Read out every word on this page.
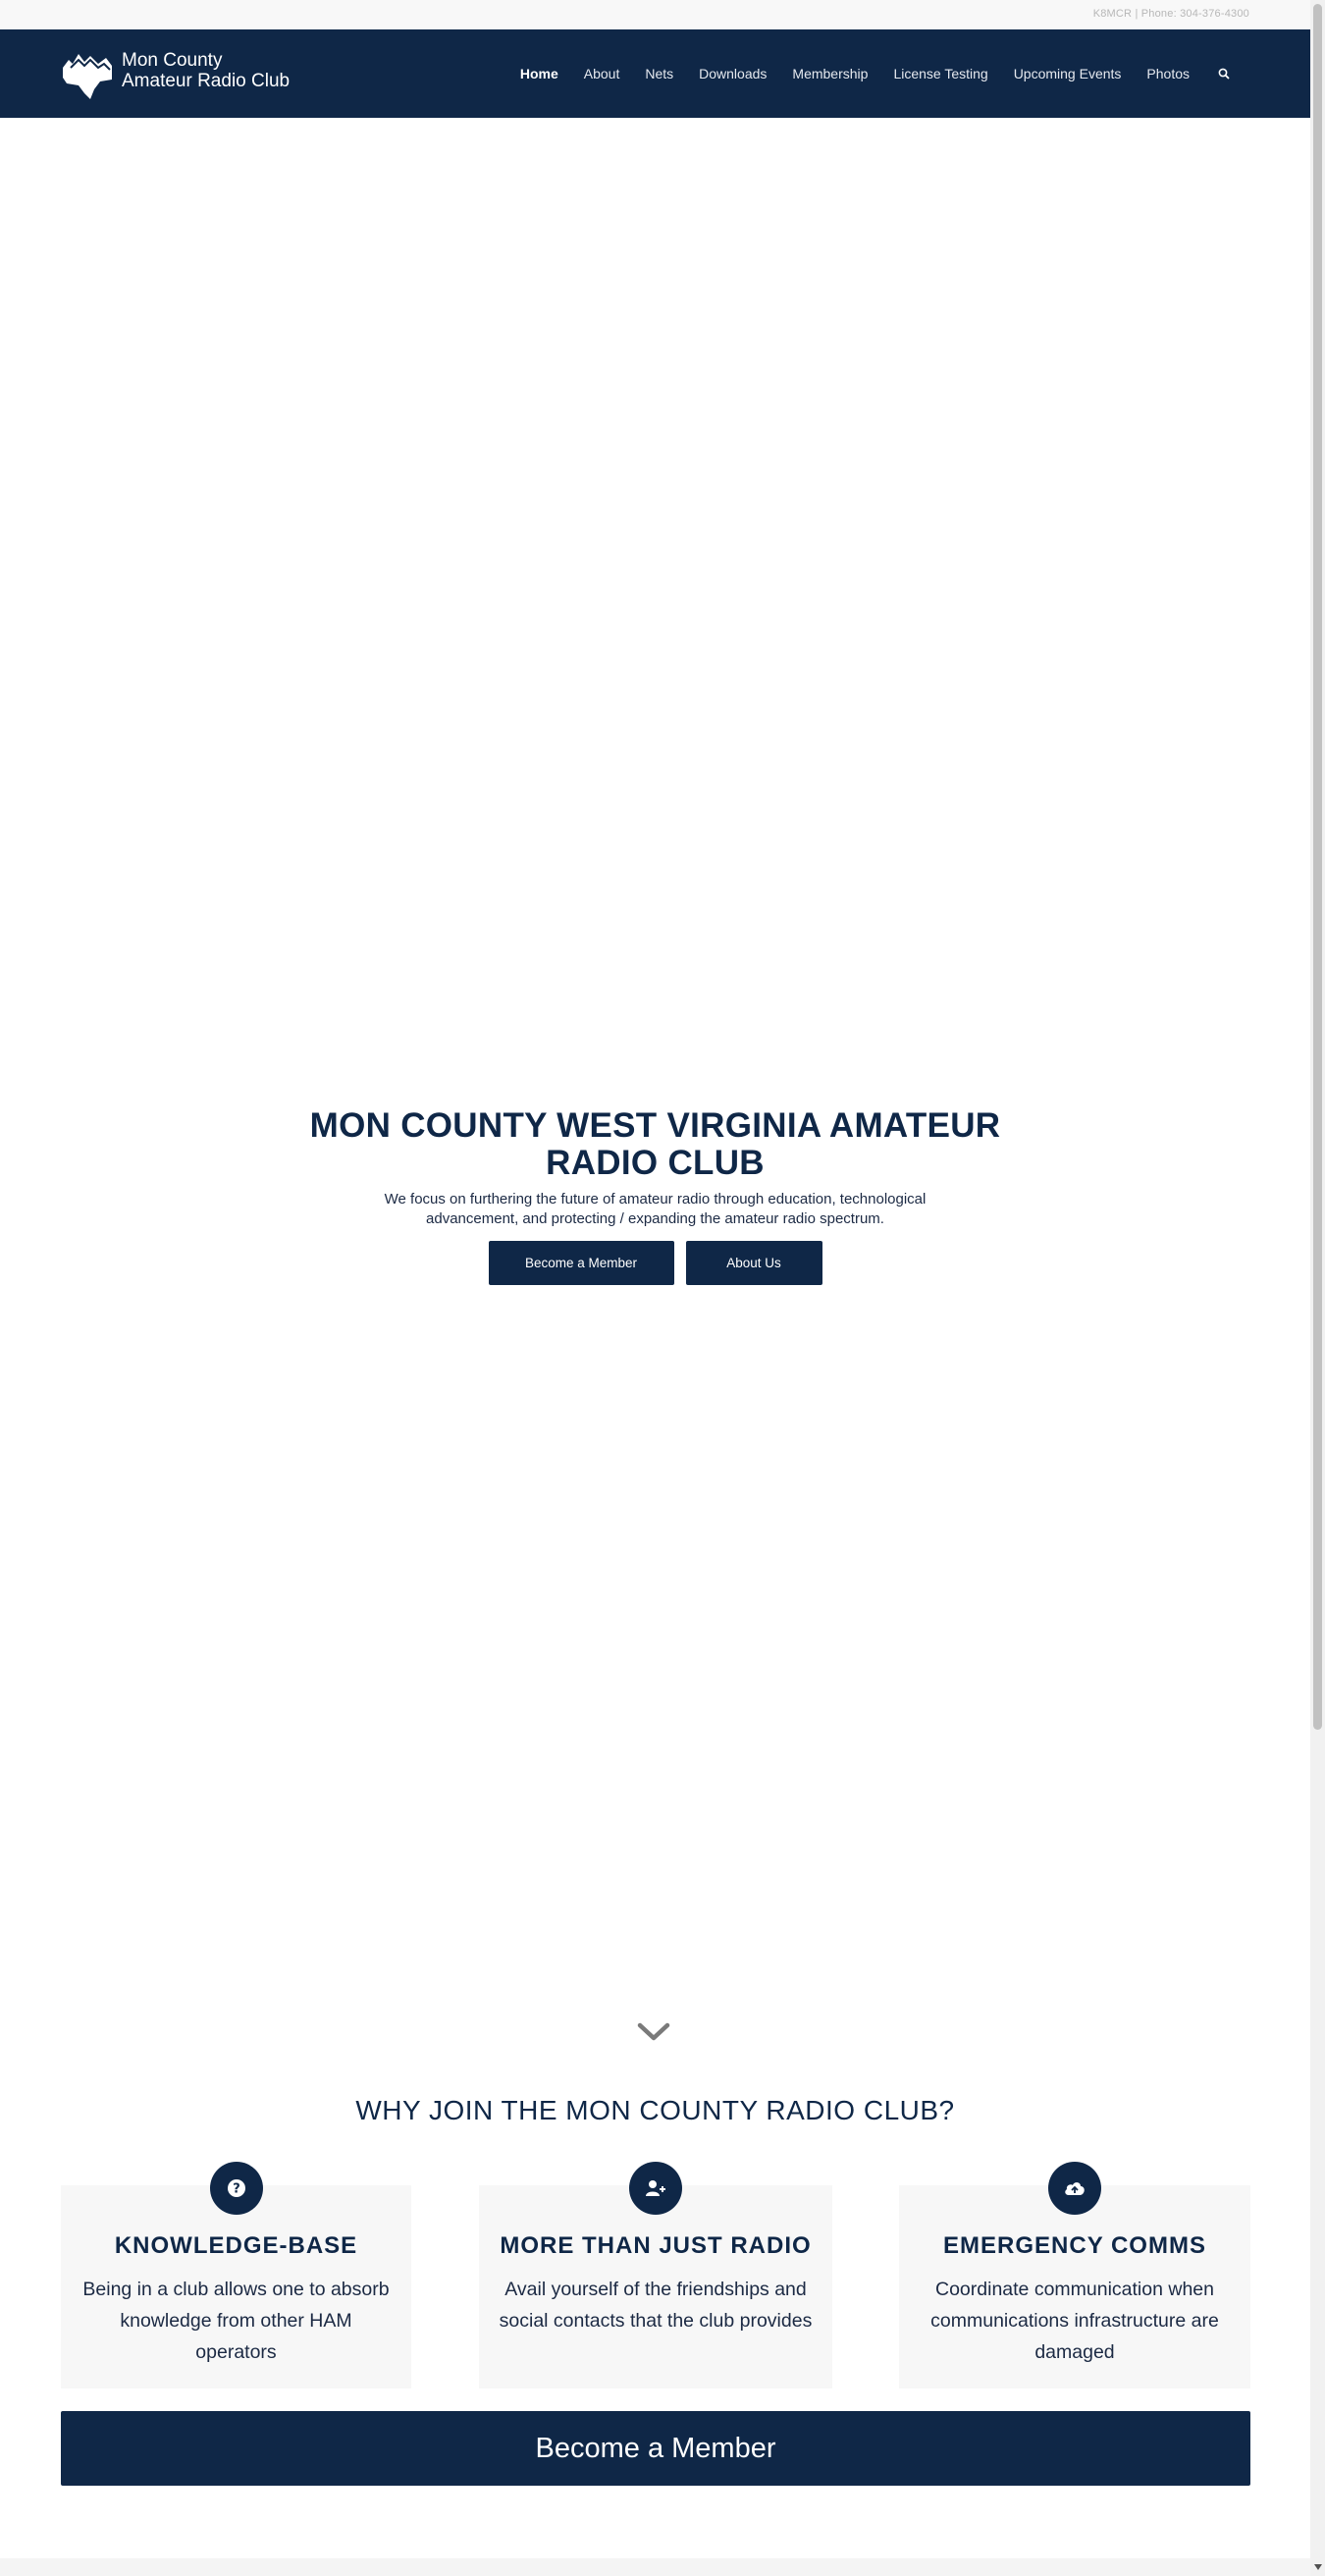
K8MCR | Phone: 304-376-4300
Mon County
Amateur Radio Club	Home	About	Nets	Downloads	Membership	License Testing	Upcoming Events	Photos
MON COUNTY WEST VIRGINIA AMATEUR
RADIO CLUB

We focus on furthering the future of amateur radio through education, technological
advancement, and protecting / expanding the amateur radio spectrum.

Become a Member	About Us
WHY JOIN THE MON COUNTY RADIO CLUB?
?
KNOWLEDGE-BASE
Being in a club allows one to absorb knowledge from other HAM operators
MORE THAN JUST RADIO
Avail yourself of the friendships and social contacts that the club provides
EMERGENCY COMMS
Coordinate communication when communications infrastructure are damaged
Become a Member
